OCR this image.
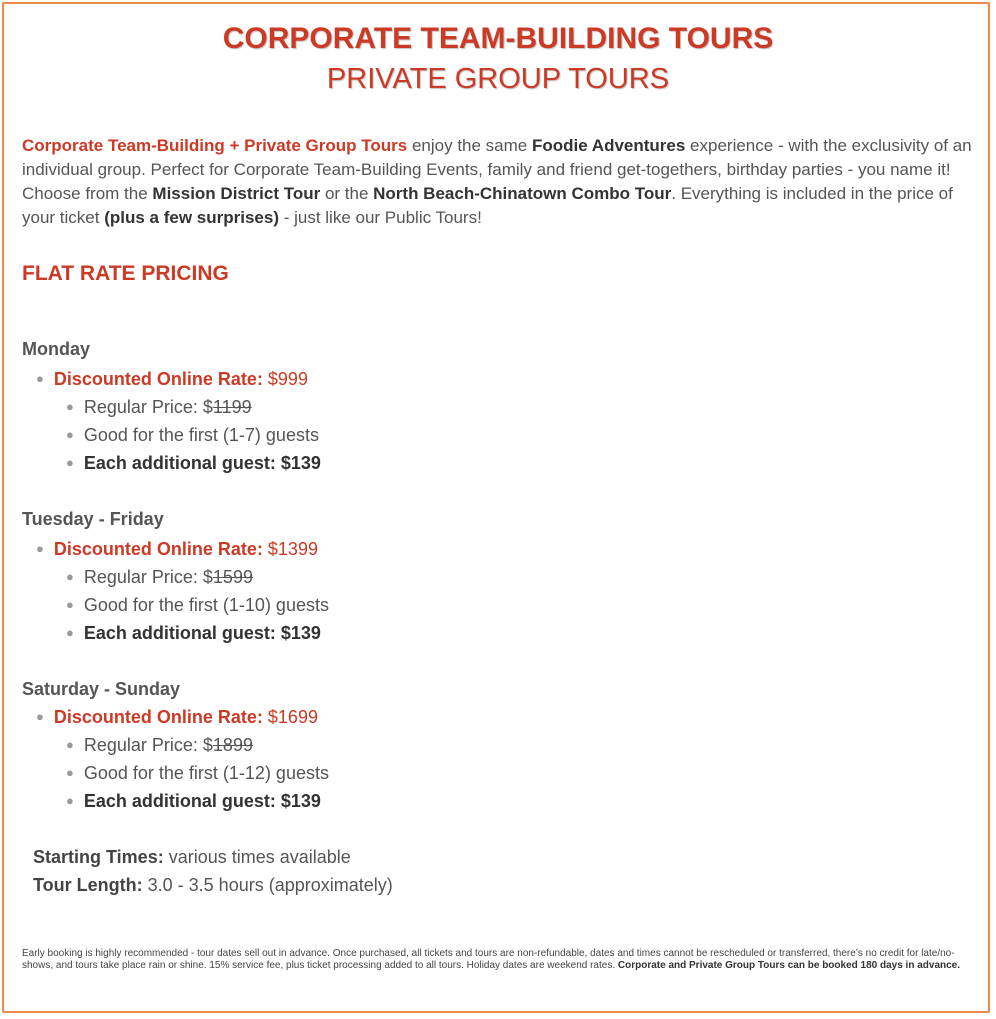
CORPORATE TEAM-BUILDING TOURS
PRIVATE GROUP TOURS
Corporate Team-Building + Private Group Tours enjoy the same Foodie Adventures experience - with the exclusivity of an individual group. Perfect for Corporate Team-Building Events, family and friend get-togethers, birthday parties - you name it! Choose from the Mission District Tour or the North Beach-Chinatown Combo Tour. Everything is included in the price of your ticket (plus a few surprises) - just like our Public Tours!
FLAT RATE PRICING
Monday
● Discounted Online Rate: $999
● Regular Price: $1199
● Good for the first (1-7) guests
● Each additional guest: $139
Tuesday - Friday
● Discounted Online Rate: $1399
● Regular Price: $1599
● Good for the first (1-10) guests
● Each additional guest: $139
Saturday - Sunday
● Discounted Online Rate: $1699
● Regular Price: $1899
● Good for the first (1-12) guests
● Each additional guest: $139
Starting Times: various times available
Tour Length: 3.0 - 3.5 hours (approximately)
Early booking is highly recommended - tour dates sell out in advance. Once purchased, all tickets and tours are non-refundable, dates and times cannot be rescheduled or transferred, there’s no credit for late/no-shows, and tours take place rain or shine. 15% service fee, plus ticket processing added to all tours. Holiday dates are weekend rates. Corporate and Private Group Tours can be booked 180 days in advance.
